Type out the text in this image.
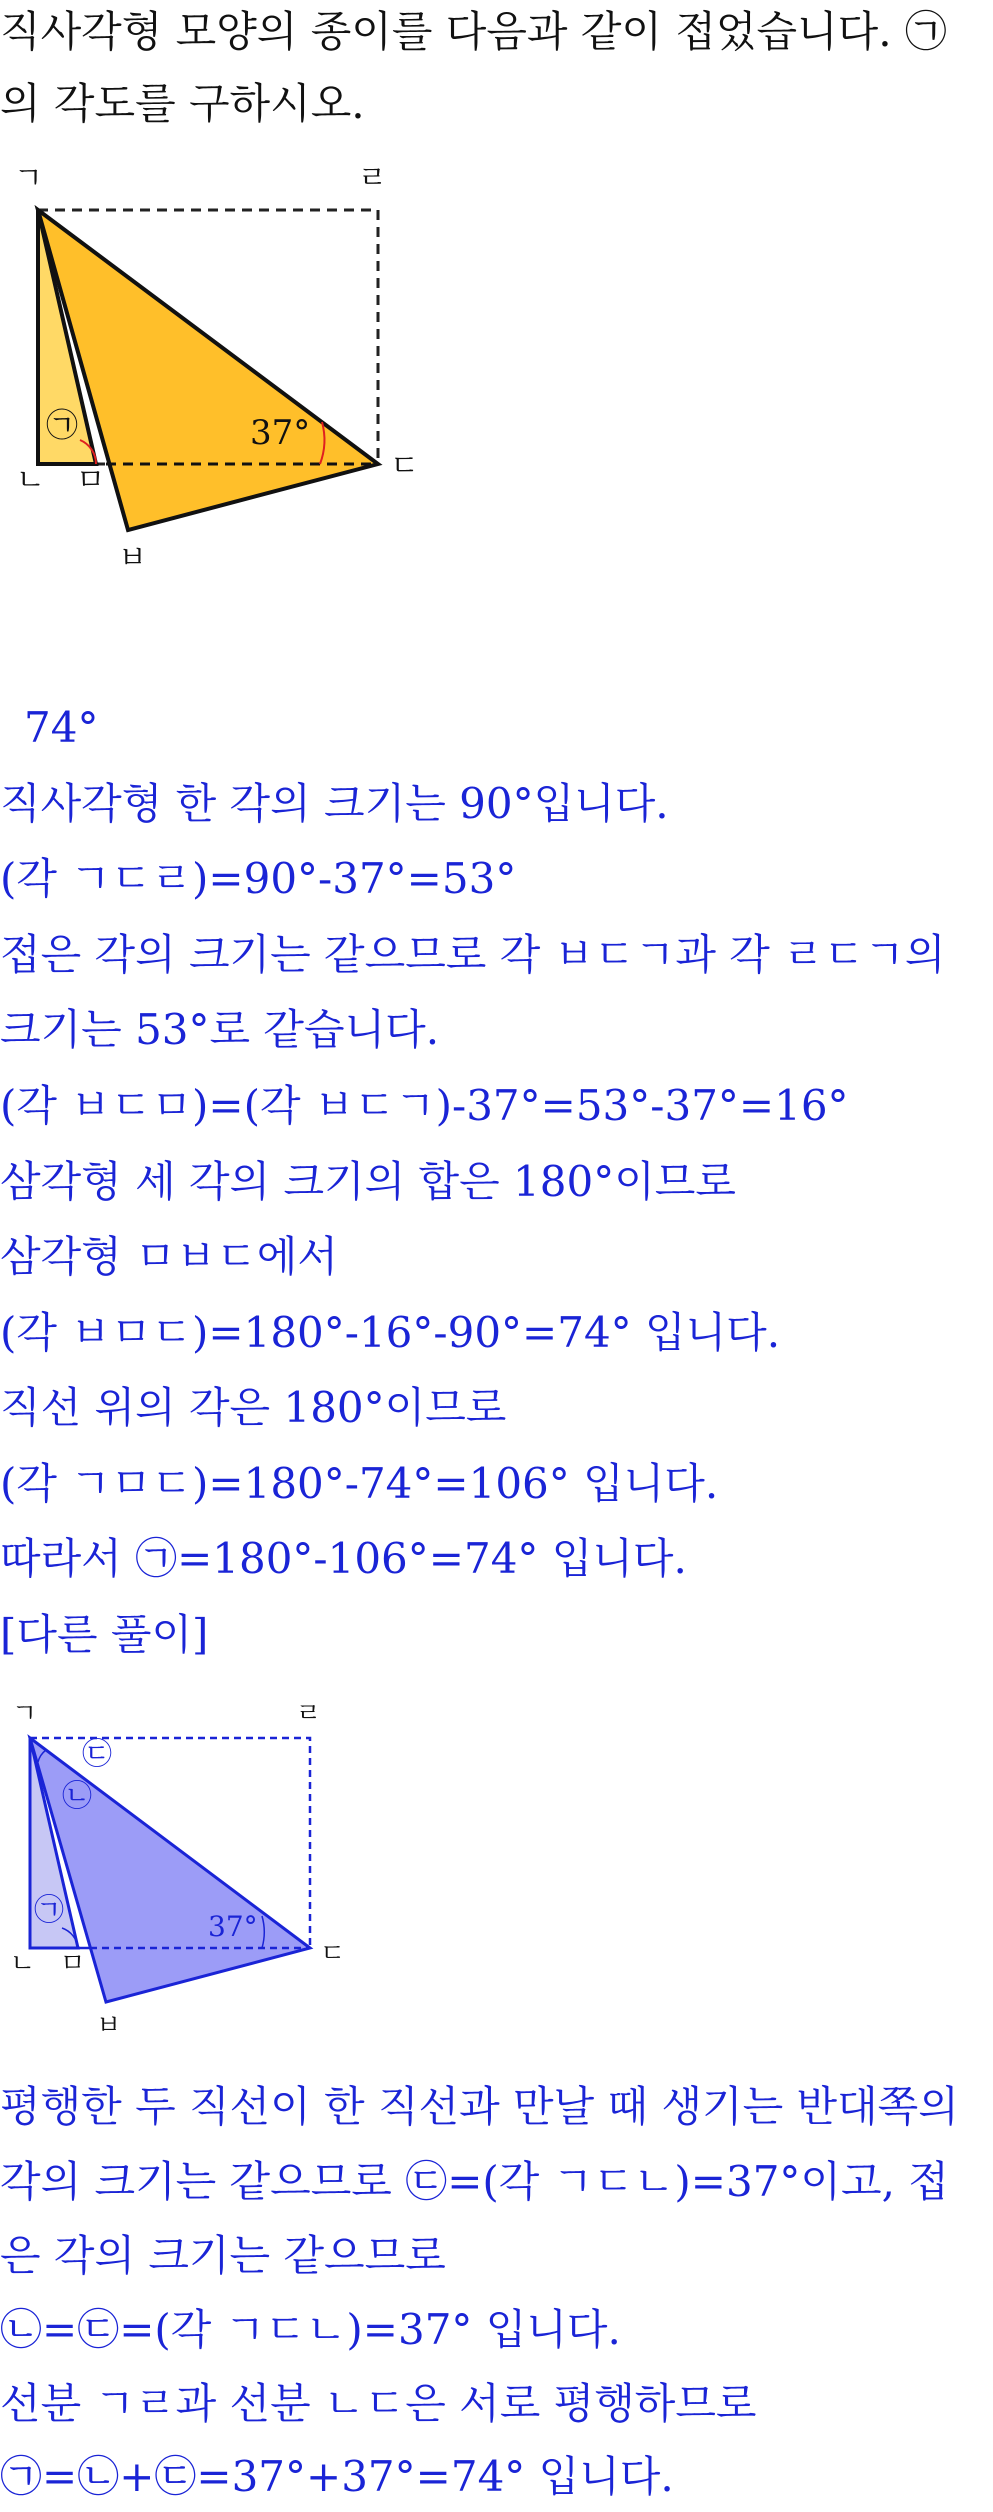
직사각형 모양의 종이를 다음과 같이 접었습니다. ㉠
의 각도를 구하시오.
ㄱ	ㄹ
ㄴ ㅁ	ㄷ
ㅂ
㉠	37°
74°
직사각형 한 각의 크기는 90°입니다.
(각 ㄱㄷㄹ)=90°-37°=53°
접은 각의 크기는 같으므로 각 ㅂㄷㄱ과 각 ㄹㄷㄱ의
크기는 53°로 같습니다.
(각 ㅂㄷㅁ)=(각 ㅂㄷㄱ)-37°=53°-37°=16°
삼각형 세 각의 크기의 합은 180°이므로
삼각형 ㅁㅂㄷ에서
(각 ㅂㅁㄷ)=180°-16°-90°=74° 입니다.
직선 위의 각은 180°이므로
(각 ㄱㅁㄷ)=180°-74°=106° 입니다.
따라서 ㉠=180°-106°=74° 입니다.
[다른 풀이]
ㄱ	ㄹ
ㄴ ㅁ	ㄷ
ㅂ
㉢
㉡
㉠	37°
평행한 두 직선이 한 직선과 만날 때 생기는 반대쪽의
각의 크기는 같으므로 ㉢=(각 ㄱㄷㄴ)=37°이고, 접
은 각의 크기는 같으므로
㉡=㉢=(각 ㄱㄷㄴ)=37° 입니다.
선분 ㄱㄹ과 선분 ㄴㄷ은 서로 평행하므로
㉠=㉡+㉢=37°+37°=74° 입니다.
